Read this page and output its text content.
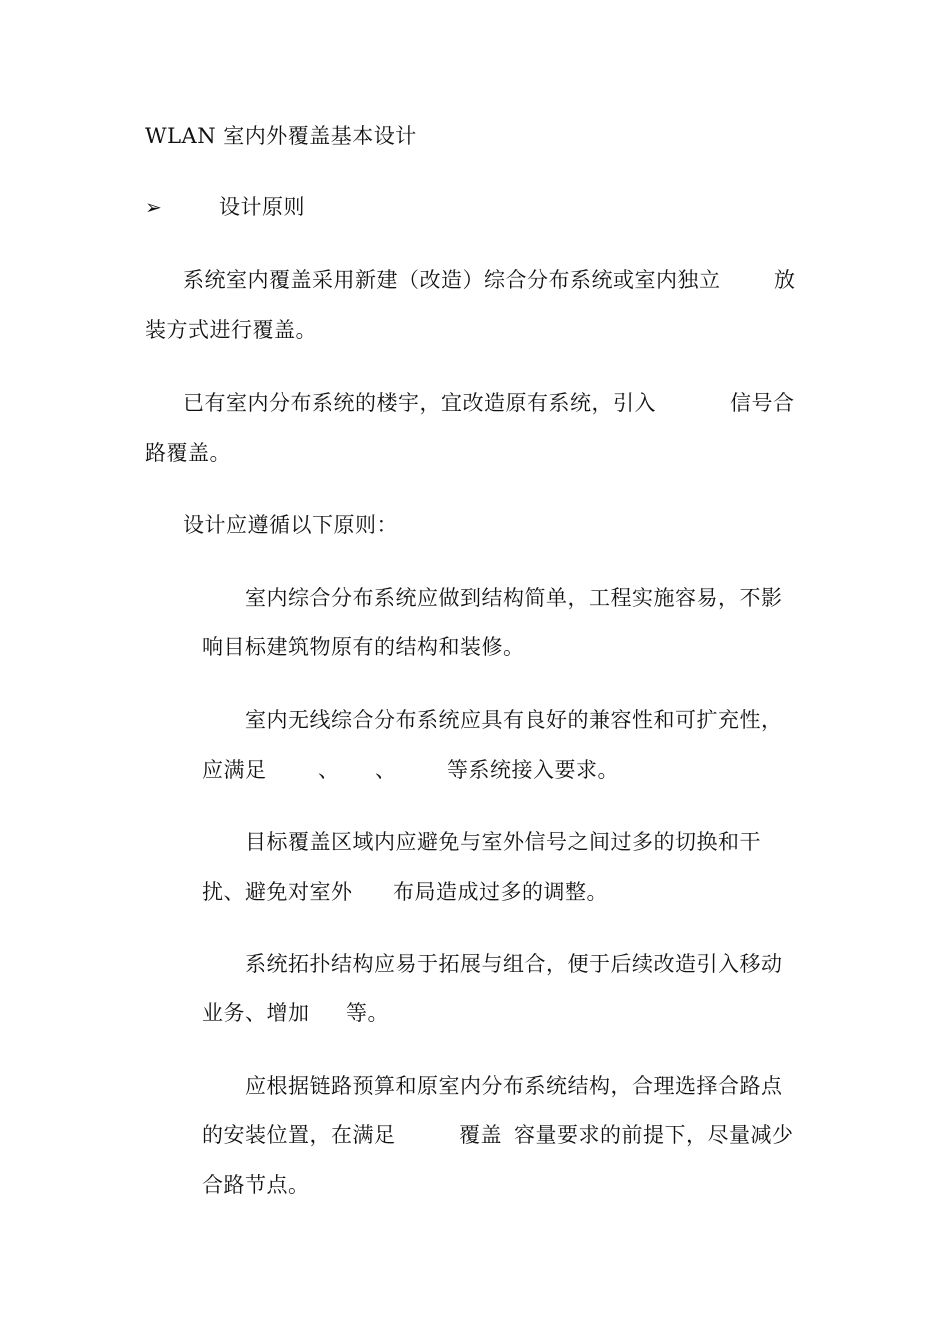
WLAN 室内外覆盖基本设计
➢	设计原则
系统室内覆盖采用新建（改造）综合分布系统或室内独立	放
装方式进行覆盖。
已有室内分布系统的楼宇，宜改造原有系统，引入	信号合
路覆盖。
设计应遵循以下原则：
室内综合分布系统应做到结构简单，工程实施容易，不影
响目标建筑物原有的结构和装修。
室内无线综合分布系统应具有良好的兼容性和可扩充性，
应满足 、 、 等系统接入要求。
目标覆盖区域内应避免与室外信号之间过多的切换和干
扰、避免对室外 布局造成过多的调整。
系统拓扑结构应易于拓展与组合，便于后续改造引入移动
业务、增加 等。
应根据链路预算和原室内分布系统结构，合理选择合路点
的安装位置，在满足	覆盖 容量要求的前提下，尽量减少
合路节点。
